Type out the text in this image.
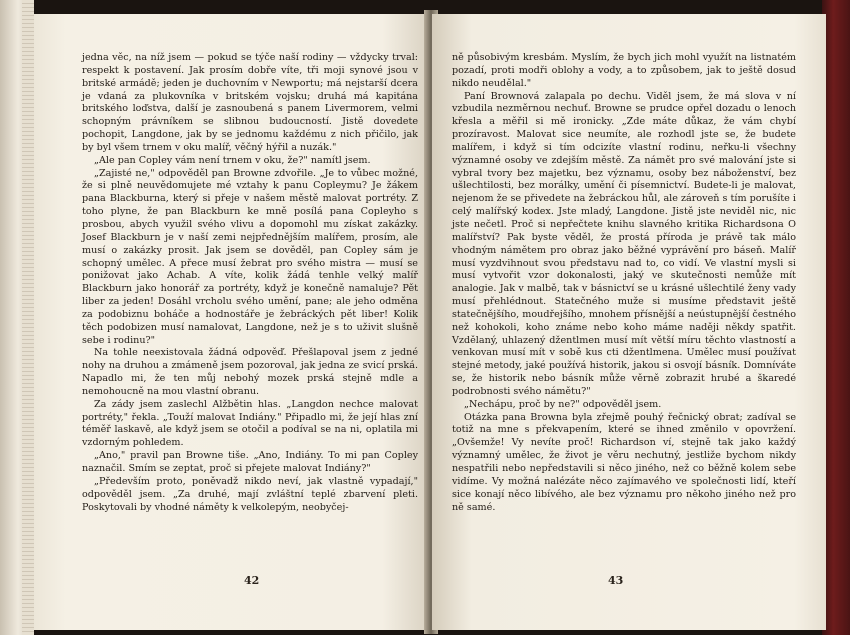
jedna věc, na níž jsem — pokud se týče naší rodiny — vždycky trval: respekt k postavení. Jak prosím dobře víte, tři moji synové jsou v britské armádě; jeden je duchovním v Newportu; má nejstarší dcera je vdaná za plukovníka v britském vojsku; druhá má kapitána britského loďstva, další je zasnoubená s panem Livermorem, velmi schopným právníkem se slibnou budoucností. Jistě dovedete pochopit, Langdone, jak by se jednomu každému z nich přičilo, jak by byl všem trnem v oku malíř, věčný hýřil a nuzák."

„Ale pan Copley vám není trnem v oku, že?" namítl jsem.

„Zajisté ne," odpověděl pan Browne zdvořile. „Je to vůbec možné, že si plně neuvědomujete mé vztahy k panu Copleymu? Je žákem pana Blackburna, který si přeje v našem městě malovat portréty. Z toho plyne, že pan Blackburn ke mně posílá pana Copleyho s prosbou, abych využil svého vlivu a dopomohl mu získat zakázky. Josef Blackburn je v naší zemi nejpřednějším malířem, prosím, ale musí o zakázky prosit. Jak jsem se dověděl, pan Copley sám je schopný umělec. A přece musí žebrat pro svého mistra — musí se ponižovat jako Achab. A víte, kolik žádá tenhle velký malíř Blackburn jako honorář za portréty, když je konečně namaluje? Pět liber za jeden! Dosáhl vrcholu svého umění, pane; ale jeho odměna za podobiznu boháče a hodnostáře je žebráckých pět liber! Kolik těch podobizen musí namalovat, Langdone, než je s to uživit slušně sebe i rodinu?"

Na tohle neexistovala žádná odpověď. Přešlapoval jsem z jedné nohy na druhou a zmámeně jsem pozoroval, jak jedna ze svicí prská. Napadlo mi, že ten můj nebohý mozek prská stejně mdle a nemohoucně na mou vlastní obranu.

Za zády jsem zaslechl Alžbětin hlas. „Langdon nechce malovat portréty," řekla. „Touží malovat Indiány." Připadlo mi, že její hlas zní téměř laskavě, ale když jsem se otočil a podíval se na ni, oplatila mi vzdorným pohledem.

„Ano," pravil pan Browne tiše. „Ano, Indiány. To mi pan Copley naznačil. Smím se zeptat, proč si přejete malovat Indiány?"

„Především proto, poněvadž nikdo neví, jak vlastně vypadají," odpověděl jsem. „Za druhé, mají zvláštní teplé zbarvení pleti. Poskytovali by vhodné náměty k velkolepým, neobyčej-

42

ně působivým kresbám. Myslím, že bych jich mohl využít na listnatém pozadí, proti modři oblohy a vody, a to způsobem, jak to ještě dosud nikdo neudělal."

Paní Brownová zalapala po dechu. Viděl jsem, že má slova v ní vzbudila nezměrnou nechuť. Browne se prudce opřel dozadu o lenoch křesla a měřil si mě ironicky. „Zde máte důkaz, že vám chybí prozíravost. Malovat sice neumíte, ale rozhodl jste se, že budete malířem, i když si tím odcizíte vlastní rodinu, neřku-li všechny významné osoby ve zdejším městě. Za námět pro své malování jste si vybral tvory bez majetku, bez významu, osoby bez náboženství, bez ušlechtilosti, bez morálky, umění či písemnictví. Budete-li je malovat, nejenom že se přivedete na žebráckou hůl, ale zároveň s tím porušíte i celý malířský kodex. Jste mladý, Langdone. Jistě jste neviděl nic, nic jste nečetl. Proč si nepřečtete knihu slavného kritika Richardsona O malířství? Pak byste věděl, že prostá příroda je právě tak málo vhodným námětem pro obraz jako běžné vyprávění pro báseň. Malíř musí vyzdvihnout svou představu nad to, co vidí. Ve vlastní mysli si musí vytvořit vzor dokonalosti, jaký ve skutečnosti nemůže mít analogie. Jak v malbě, tak v básnictví se u krásné ušlechtilé ženy vady musí přehlédnout. Statečného muže si musíme představit ještě statečnějšího, moudřejšího, mnohem přísnější a neústupnější čestného než kohokoli, koho známe nebo koho máme naději někdy spatřit. Vzdělaný, uhlazený džentlmen musí mít větší míru těchto vlastností a venkovan musí mít v sobě kus cti džentlmena. Umělec musí používat stejné metody, jaké používá historik, jakou si osvojí básník. Domníváte se, že historik nebo básník může věrně zobrazit hrubé a škaredé podrobnosti svého námětu?"

„Nechápu, proč by ne?" odpověděl jsem.

Otázka pana Browna byla zřejmě pouhý řečnický obrat; zadíval se totiž na mne s překvapením, které se ihned změnilo v opovržení. „Ovšemže! Vy nevíte proč! Richardson ví, stejně tak jako každý významný umělec, že život je věru nechutný, jestliže bychom nikdy nespatřili nebo nepředstavili si něco jiného, než co běžně kolem sebe vidíme. Vy možná nalézáte něco zajímavého ve společnosti lidí, kteří sice konají něco libívého, ale bez významu pro někoho jiného než pro ně samé.

43
